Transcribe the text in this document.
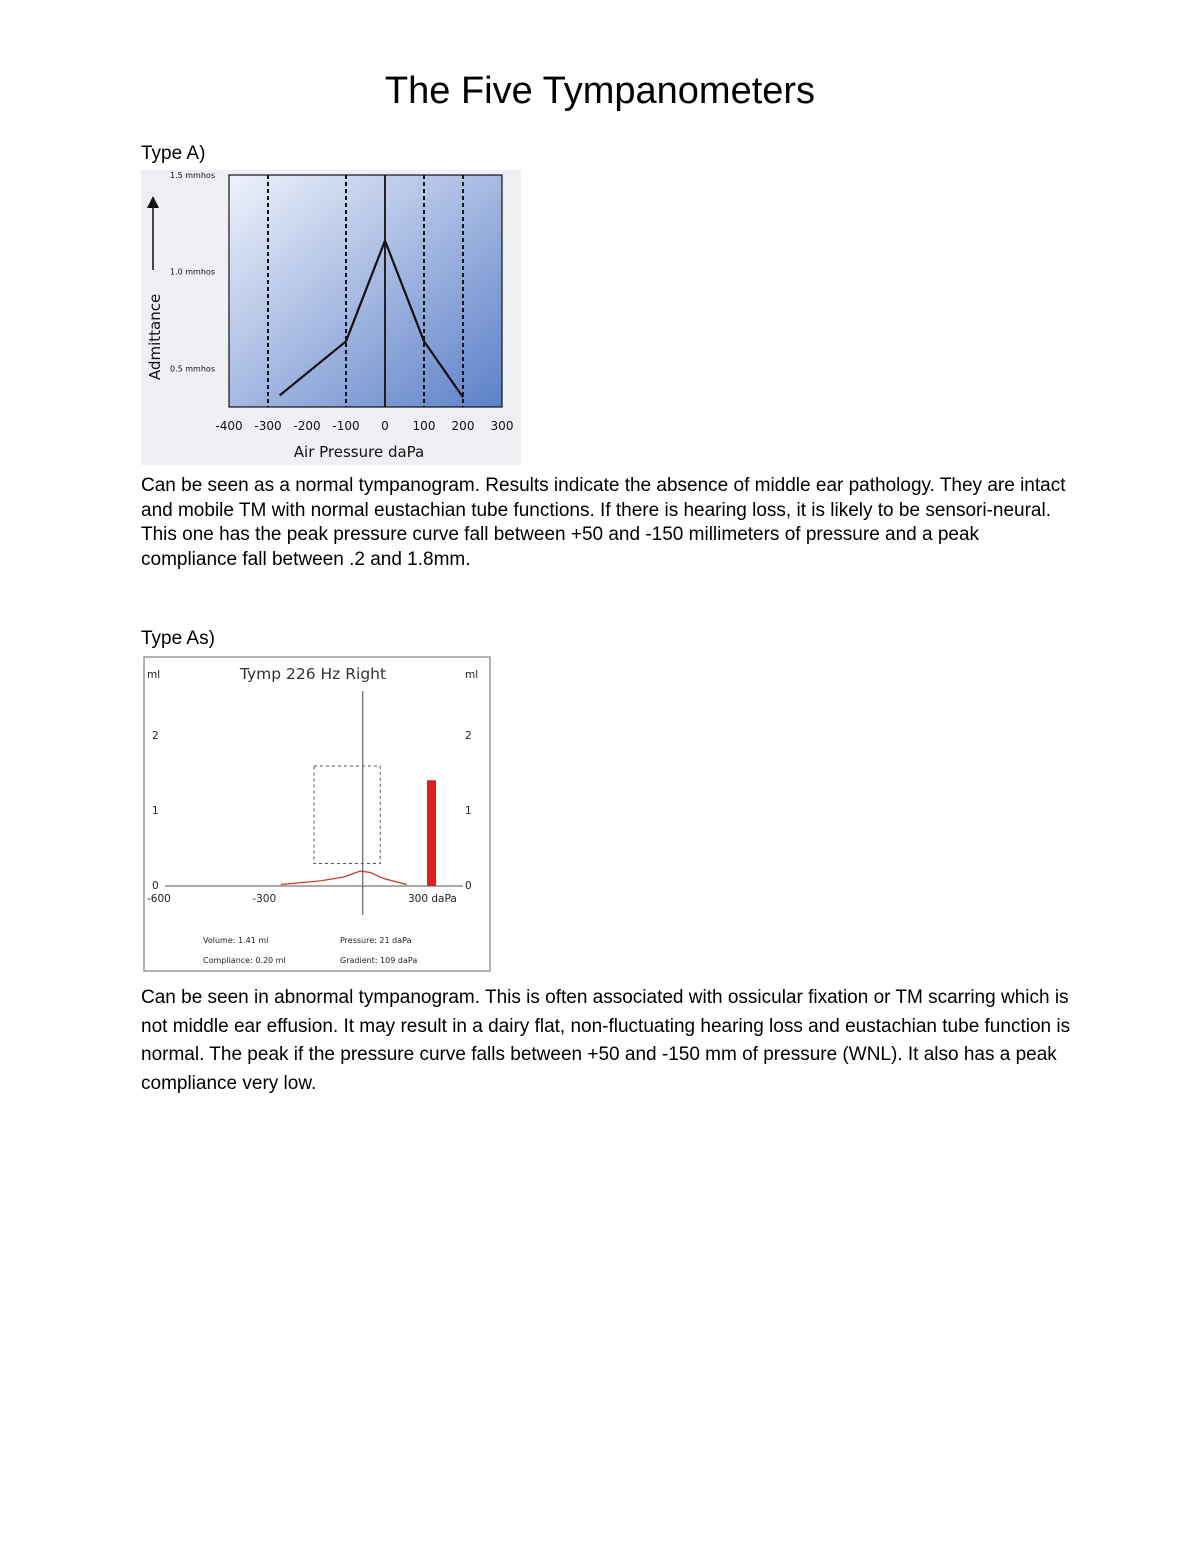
The Five Tympanometers
Type A)
Admittance 0.5 mmhos
1.0 mmhos
1.5 mmhos
-400 -300 -200 -100 0 100 200 300
Air Pressure daPa

Can be seen as a normal tympanogram. Results indicate the absence of middle ear pathology. They are intact and mobile TM with normal eustachian tube functions. If there is hearing loss, it is likely to be sensori-neural. This one has the peak pressure curve fall between +50 and -150 millimeters of pressure and a peak compliance fall between .2 and 1.8mm.

Type As)
Tymp 226 Hz Right
ml	ml
0	0
1	1
2	2
-600	-300	300 daPa
Volume: 1.41 ml
Compliance: 0.20 ml
Pressure: 21 daPa
Gradient: 109 daPa

Can be seen in abnormal tympanogram. This is often associated with ossicular fixation or TM scarring which is not middle ear effusion. It may result in a dairy flat, non-fluctuating hearing loss and eustachian tube function is normal. The peak if the pressure curve falls between +50 and -150 mm of pressure (WNL). It also has a peak compliance very low.
